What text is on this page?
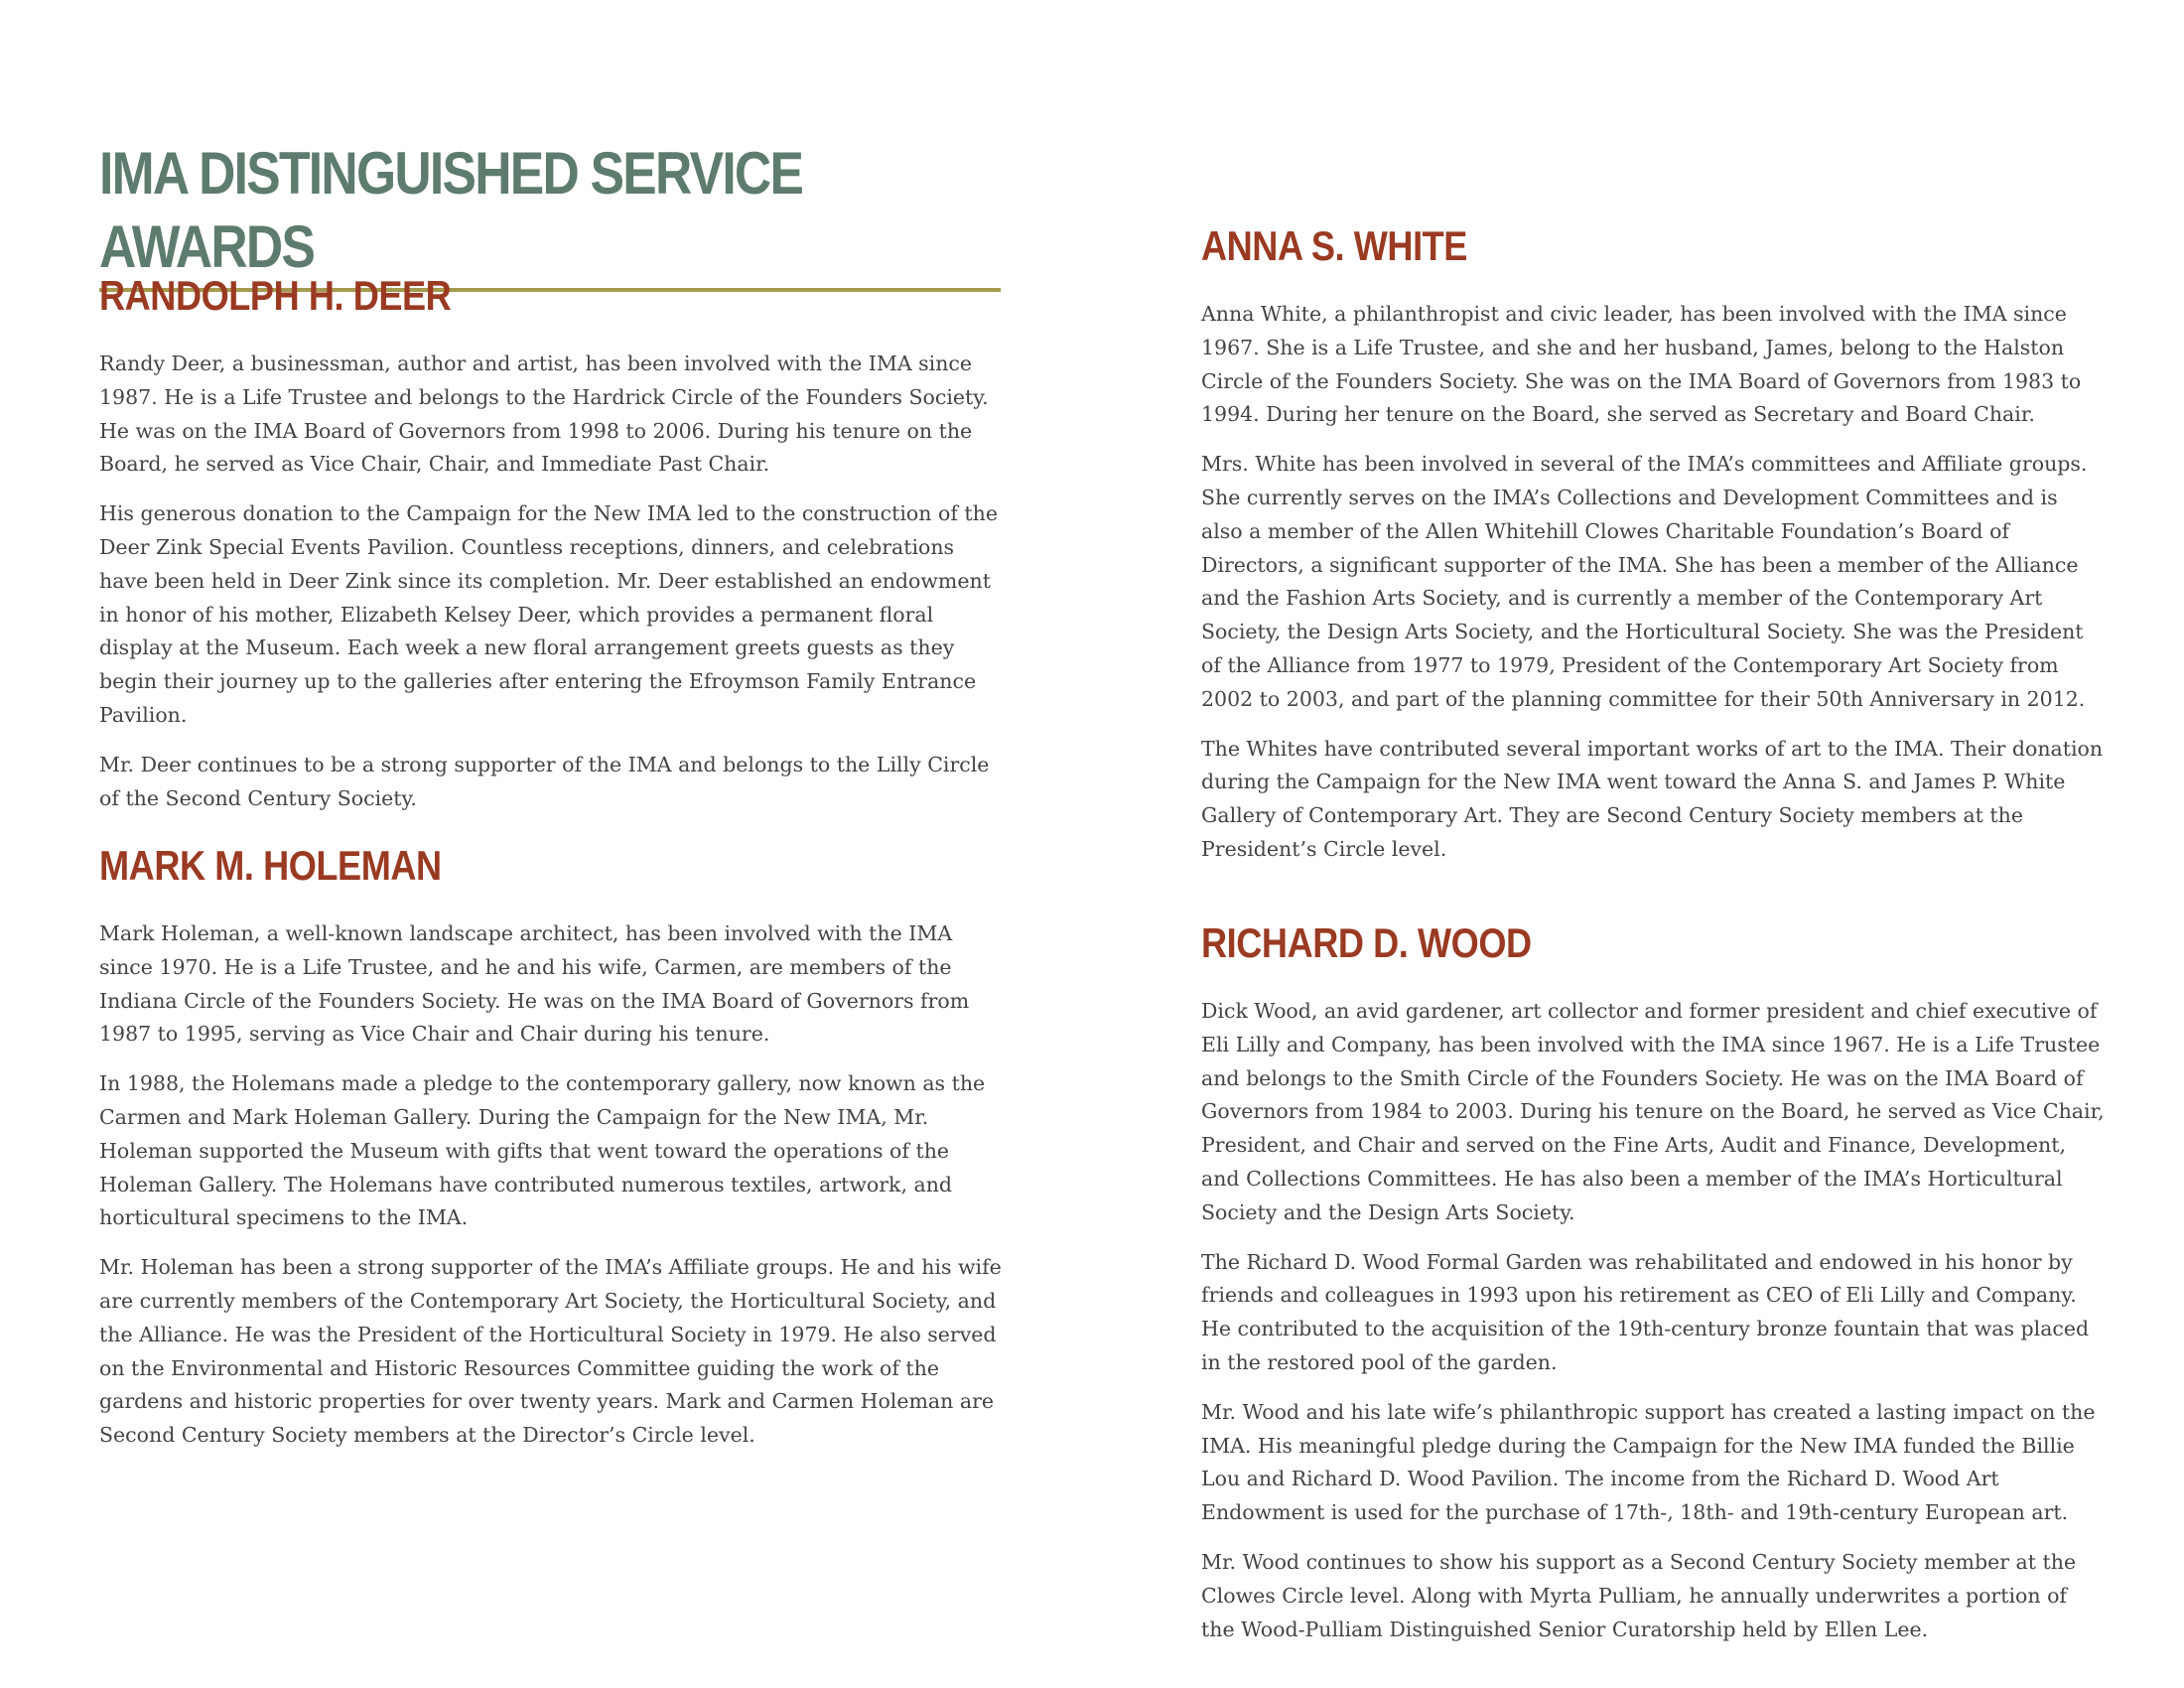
IMA DISTINGUISHED SERVICE AWARDS
RANDOLPH H. DEER

Randy Deer, a businessman, author and artist, has been involved with the IMA since 1987. He is a Life Trustee and belongs to the Hardrick Circle of the Founders Society. He was on the IMA Board of Governors from 1998 to 2006. During his tenure on the Board, he served as Vice Chair, Chair, and Immediate Past Chair.

His generous donation to the Campaign for the New IMA led to the construction of the Deer Zink Special Events Pavilion. Countless receptions, dinners, and celebrations have been held in Deer Zink since its completion. Mr. Deer established an endowment in honor of his mother, Elizabeth Kelsey Deer, which provides a permanent floral display at the Museum. Each week a new floral arrangement greets guests as they begin their journey up to the galleries after entering the Efroymson Family Entrance Pavilion.

Mr. Deer continues to be a strong supporter of the IMA and belongs to the Lilly Circle of the Second Century Society.

MARK M. HOLEMAN

Mark Holeman, a well-known landscape architect, has been involved with the IMA since 1970. He is a Life Trustee, and he and his wife, Carmen, are members of the Indiana Circle of the Founders Society. He was on the IMA Board of Governors from 1987 to 1995, serving as Vice Chair and Chair during his tenure.

In 1988, the Holemans made a pledge to the contemporary gallery, now known as the Carmen and Mark Holeman Gallery. During the Campaign for the New IMA, Mr. Holeman supported the Museum with gifts that went toward the operations of the Holeman Gallery. The Holemans have contributed numerous textiles, artwork, and horticultural specimens to the IMA.

Mr. Holeman has been a strong supporter of the IMA’s Affiliate groups. He and his wife are currently members of the Contemporary Art Society, the Horticultural Society, and the Alliance. He was the President of the Horticultural Society in 1979. He also served on the Environmental and Historic Resources Committee guiding the work of the gardens and historic properties for over twenty years. Mark and Carmen Holeman are Second Century Society members at the Director’s Circle level.

ANNA S. WHITE

Anna White, a philanthropist and civic leader, has been involved with the IMA since 1967. She is a Life Trustee, and she and her husband, James, belong to the Halston Circle of the Founders Society. She was on the IMA Board of Governors from 1983 to 1994. During her tenure on the Board, she served as Secretary and Board Chair.

Mrs. White has been involved in several of the IMA’s committees and Affiliate groups. She currently serves on the IMA’s Collections and Development Committees and is also a member of the Allen Whitehill Clowes Charitable Foundation’s Board of Directors, a significant supporter of the IMA. She has been a member of the Alliance and the Fashion Arts Society, and is currently a member of the Contemporary Art Society, the Design Arts Society, and the Horticultural Society. She was the President of the Alliance from 1977 to 1979, President of the Contemporary Art Society from 2002 to 2003, and part of the planning committee for their 50th Anniversary in 2012.

The Whites have contributed several important works of art to the IMA. Their donation during the Campaign for the New IMA went toward the Anna S. and James P. White Gallery of Contemporary Art. They are Second Century Society members at the President’s Circle level.

RICHARD D. WOOD

Dick Wood, an avid gardener, art collector and former president and chief executive of Eli Lilly and Company, has been involved with the IMA since 1967. He is a Life Trustee and belongs to the Smith Circle of the Founders Society. He was on the IMA Board of Governors from 1984 to 2003. During his tenure on the Board, he served as Vice Chair, President, and Chair and served on the Fine Arts, Audit and Finance, Development, and Collections Committees. He has also been a member of the IMA’s Horticultural Society and the Design Arts Society.

The Richard D. Wood Formal Garden was rehabilitated and endowed in his honor by friends and colleagues in 1993 upon his retirement as CEO of Eli Lilly and Company. He contributed to the acquisition of the 19th-century bronze fountain that was placed in the restored pool of the garden.

Mr. Wood and his late wife’s philanthropic support has created a lasting impact on the IMA. His meaningful pledge during the Campaign for the New IMA funded the Billie Lou and Richard D. Wood Pavilion. The income from the Richard D. Wood Art Endowment is used for the purchase of 17th-, 18th- and 19th-century European art.

Mr. Wood continues to show his support as a Second Century Society member at the Clowes Circle level. Along with Myrta Pulliam, he annually underwrites a portion of the Wood-Pulliam Distinguished Senior Curatorship held by Ellen Lee.
